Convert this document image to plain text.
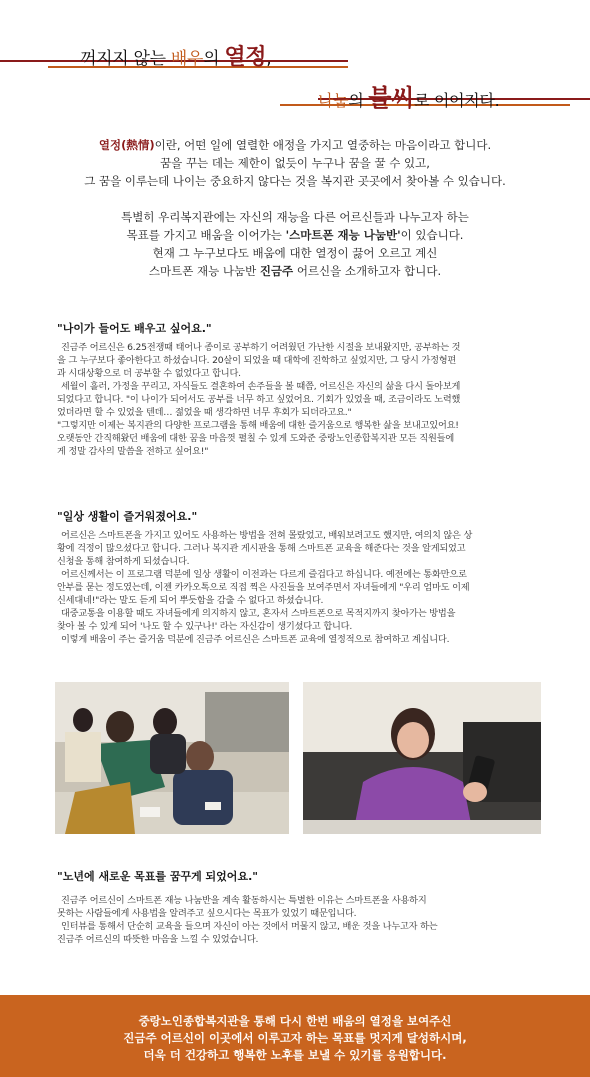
꺼지지 않는 배우의 열정,
나눔의 불씨로 이어지다.

열정(熱情)이란, 어떤 일에 열렬한 애정을 가지고 열중하는 마음이라고 합니다.
꿈을 꾸는 데는 제한이 없듯이 누구나 꿈을 꿀 수 있고,
그 꿈을 이루는데 나이는 중요하지 않다는 것을 복지관 곳곳에서 찾아볼 수 있습니다.

특별히 우리복지관에는 자신의 재능을 다른 어르신들과 나누고자 하는
목표를 가지고 배움을 이어가는 '스마트폰 재능 나눔반'이 있습니다.
현재 그 누구보다도 배움에 대한 열정이 끓어 오르고 계신
스마트폰 재능 나눔반 진금주 어르신을 소개하고자 합니다.

"나이가 들어도 배우고 싶어요."

진금주 어르신은 6.25전쟁때 태어나 종이로 공부하기 어려웠던 가난한 시절을 보내왔지만, 공부하는 것

을 그 누구보다 좋아한다고 하셨습니다. 20살이 되었을 때 대학에 진학하고 싶었지만, 그 당시 가정형편

과 시대상황으로 더 공부할 수 없었다고 합니다.

세월이 흘러, 가정을 꾸리고, 자식들도 결혼하여 손주들을 볼 때쯤, 어르신은 자신의 삶을 다시 돌아보게

되었다고 합니다. "이 나이가 되어서도 공부를 너무 하고 싶었어요. 기회가 있었을 때, 조금이라도 노력했

었더라면 할 수 있었을 텐데… 젊었을 때 생각하면 너무 후회가 되더라고요."

"그렇지만 이제는 복지관의 다양한 프로그램을 통해 배움에 대한 즐거움으로 행복한 삶을 보내고있어요!

오랫동안 간직해왔던 배움에 대한 꿈을 마음껏 펼칠 수 있게 도와준 중랑노인종합복지관 모든 직원들에

게 정말 감사의 말씀을 전하고 싶어요!"

"일상 생활이 즐거워졌어요."

어르신은 스마트폰을 가지고 있어도 사용하는 방법을 전혀 몰랐었고, 배워보려고도 했지만, 여의치 않은 상

황에 걱정이 많으셨다고 합니다. 그러나 복지관 게시판을 통해 스마트폰 교육을 해준다는 것을 알게되었고

신청을 통해 참여하게 되셨습니다.

어르신께서는 이 프로그램 덕분에 일상 생활이 이전과는 다르게 즐겁다고 하십니다. 예전에는 통화만으로

안부를 묻는 정도였는데, 이젠 카카오톡으로 직접 찍은 사진들을 보여주면서 자녀들에게 "우리 엄마도 이제

신세대네!"라는 말도 듣게 되어 뿌듯함을 감출 수 없다고 하셨습니다.

대중교통을 이용할 때도 자녀들에게 의지하지 않고, 혼자서 스마트폰으로 목적지까지 찾아가는 방법을

찾아 볼 수 있게 되어 '나도 할 수 있구나!' 라는 자신감이 생기셨다고 합니다.

이렇게 배움이 주는 즐거움 덕분에 진금주 어르신은 스마트폰 교육에 열정적으로 참여하고 계십니다.

"노년에 새로운 목표를 꿈꾸게 되었어요."

진금주 어르신이 스마트폰 재능 나눔반을 계속 활동하시는 특별한 이유는 스마트폰을 사용하지

못하는 사람들에게 사용법을 알려주고 싶으시다는 목표가 있었기 때문입니다.

인터뷰를 통해서 단순히 교육을 들으며 자신이 아는 것에서 머물지 않고, 배운 것을 나누고자 하는

진금주 어르신의 따뜻한 마음을 느낄 수 있었습니다.

중랑노인종합복지관을 통해 다시 한번 배움의 열정을 보여주신

진금주 어르신이 이곳에서 이루고자 하는 목표를 멋지게 달성하시며,

더욱 더 건강하고 행복한 노후를 보낼 수 있기를 응원합니다.
